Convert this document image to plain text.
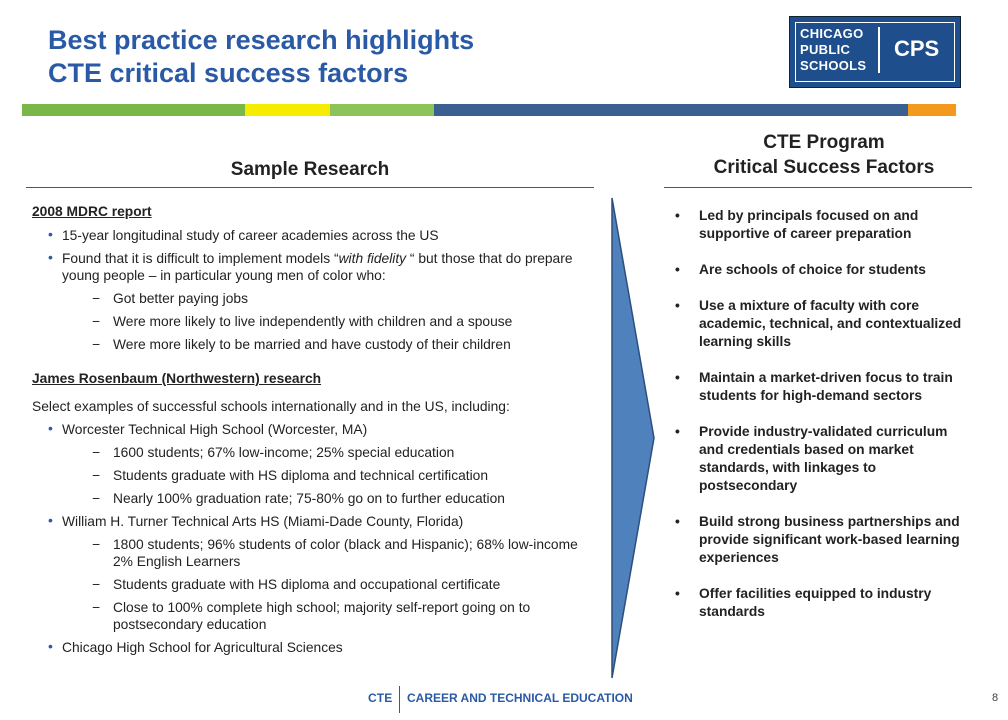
Best practice research highlights
CTE critical success factors
CHICAGO
PUBLIC
SCHOOLS
CPS
Sample Research
CTE Program
Critical Success Factors
2008 MDRC report
• 15-year longitudinal study of career academies across the US
• Found that it is difficult to implement models “with fidelity “ but those that do prepare young people – in particular young men of color who:
− Got better paying jobs
− Were more likely to live independently with children and a spouse
− Were more likely to be married and have custody of their children
James Rosenbaum (Northwestern) research
Select examples of successful schools internationally and in the US, including:
• Worcester Technical High School (Worcester, MA)
− 1600 students; 67% low-income; 25% special education
− Students graduate with HS diploma and technical certification
− Nearly 100% graduation rate; 75-80% go on to further education
• William H. Turner Technical Arts HS (Miami-Dade County, Florida)
− 1800 students; 96% students of color (black and Hispanic); 68% low-income 2% English Learners
− Students graduate with HS diploma and occupational certificate
− Close to 100% complete high school; majority self-report going on to postsecondary education
• Chicago High School for Agricultural Sciences
• Led by principals focused on and supportive of career preparation
• Are schools of choice for students
• Use a mixture of faculty with core academic, technical, and contextualized learning skills
• Maintain a market-driven focus to train students for high-demand sectors
• Provide industry-validated curriculum and credentials based on market standards, with linkages to postsecondary
• Build strong business partnerships and provide significant work-based learning experiences
• Offer facilities equipped to industry standards
CTE CAREER AND TECHNICAL EDUCATION	8
